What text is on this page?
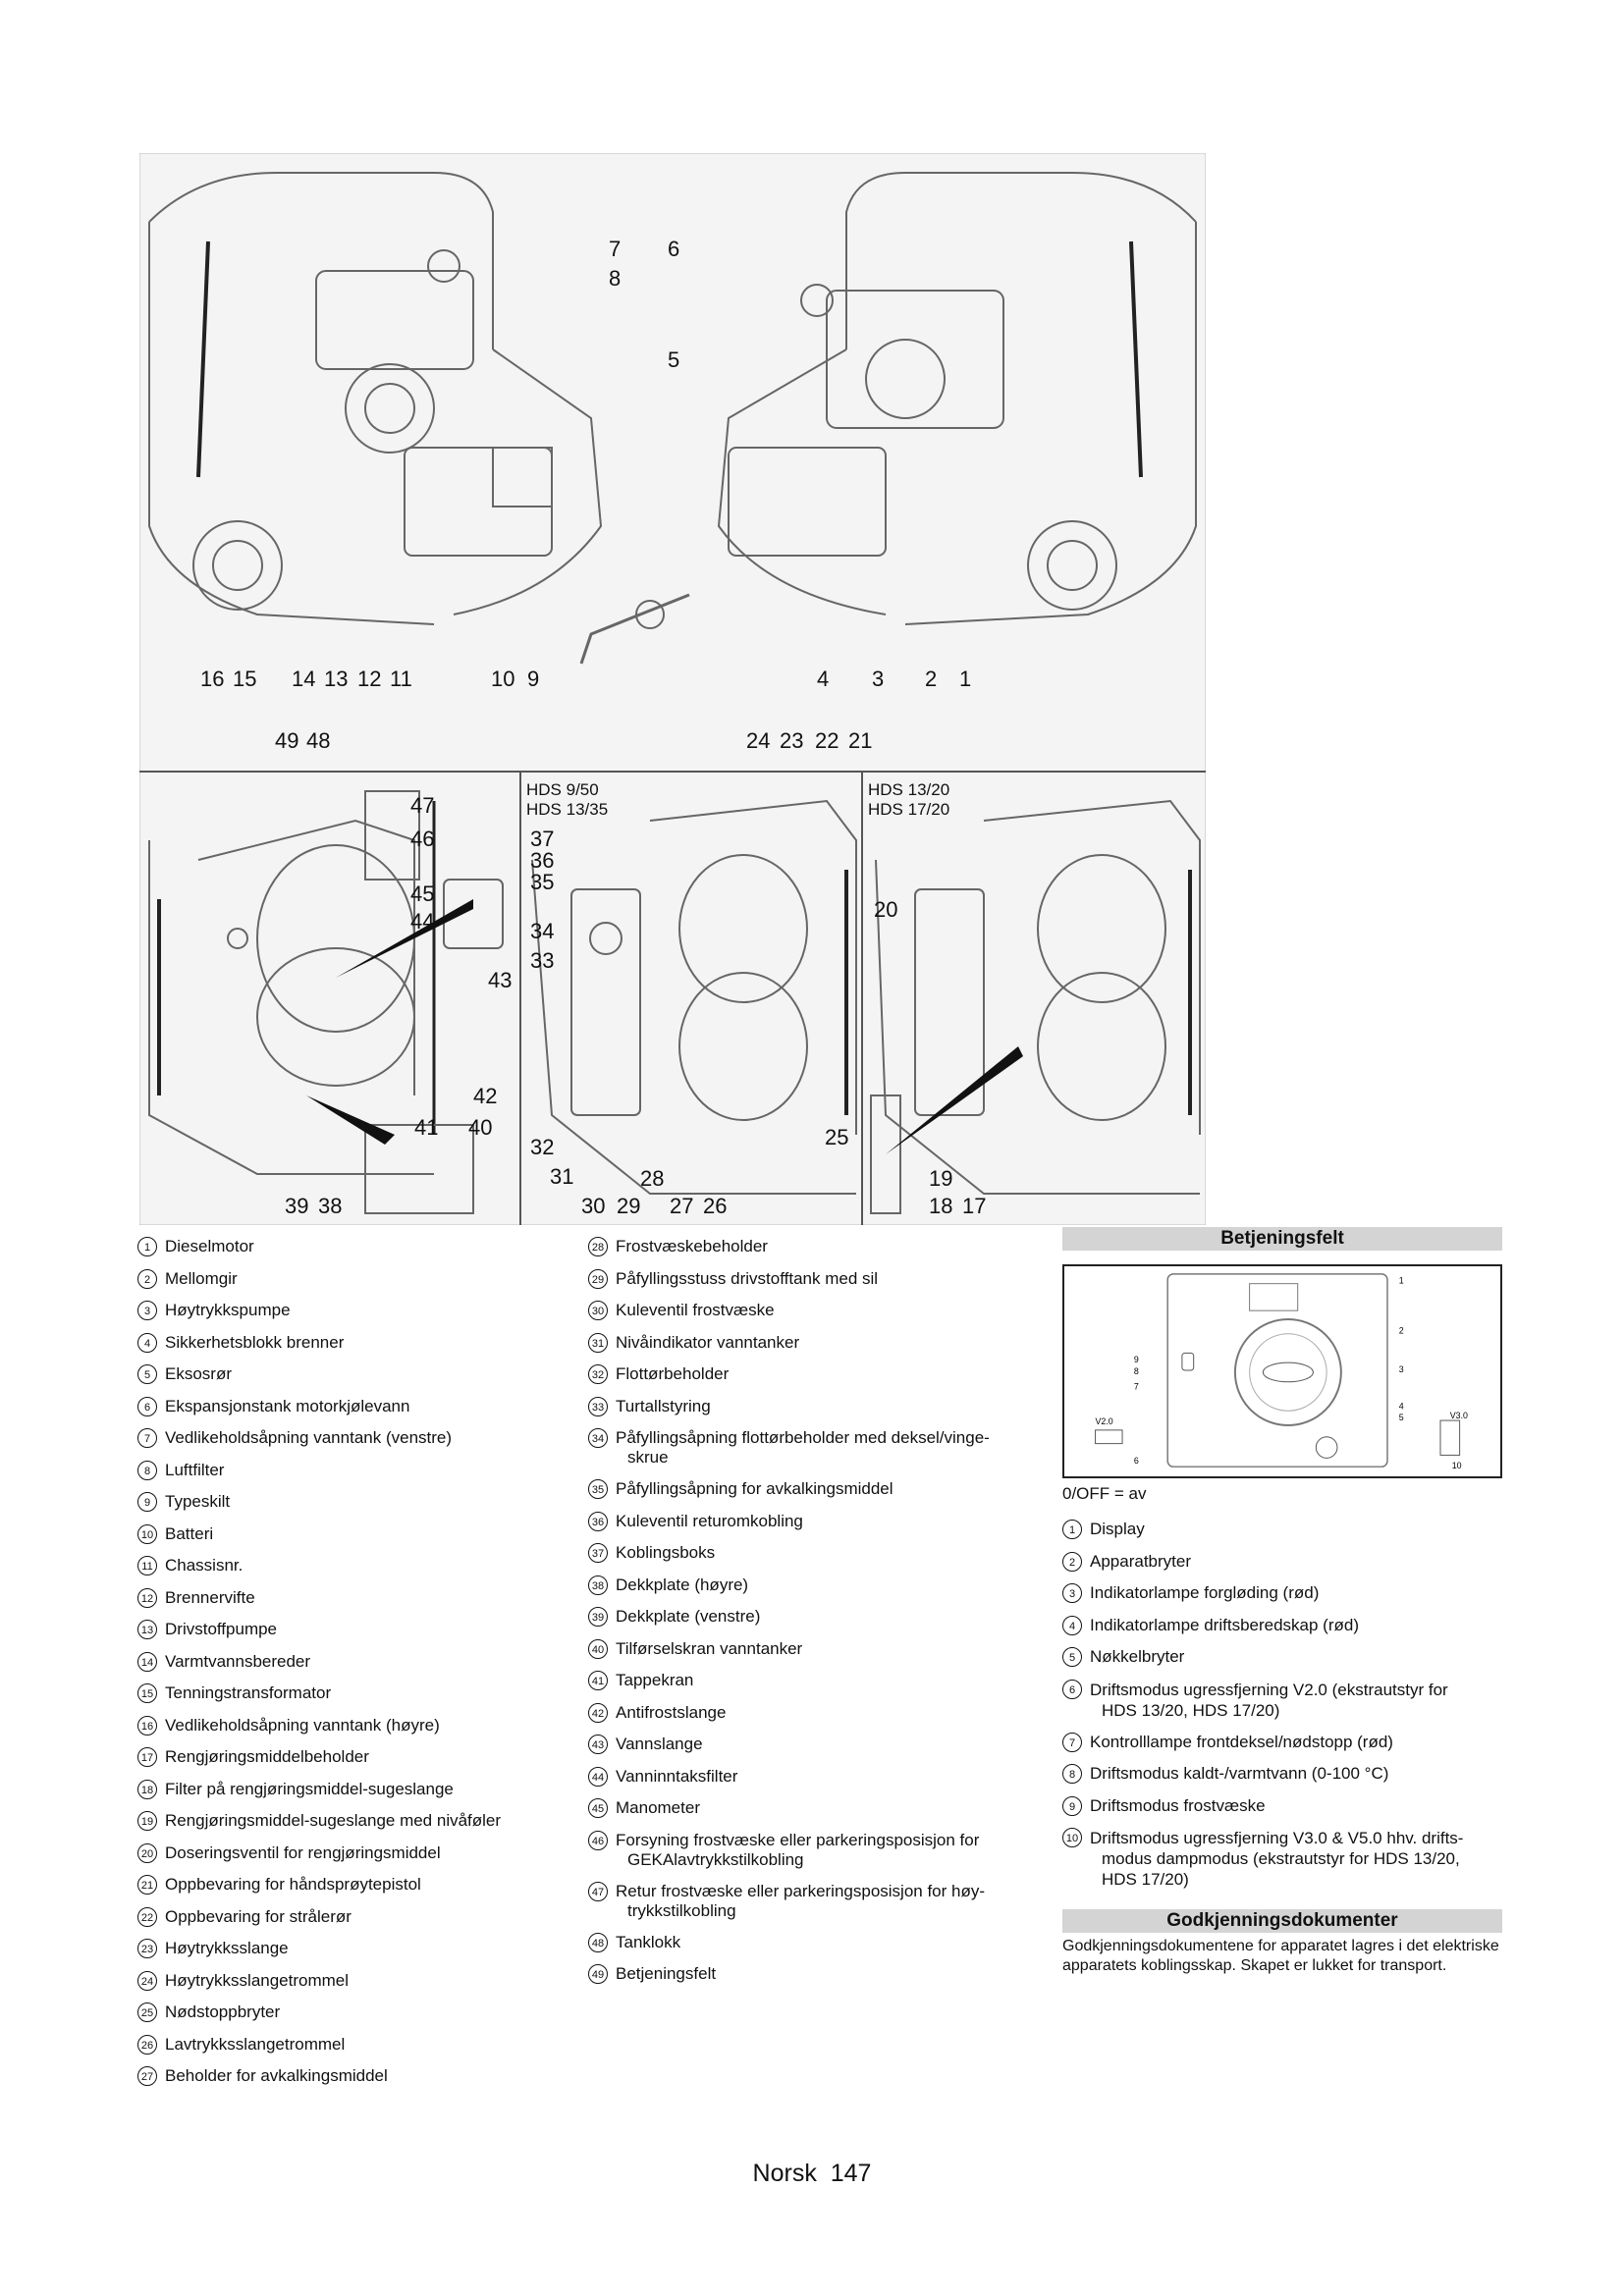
HDS 9/50
HDS 13/35
HDS 13/20
HDS 17/20
7
8
16 15 14 13 12 11	10 9
6
5
4 3 2 1
49 48
47
46
45
44
43
42
41 40
39 38
24 23 22 21
37
36
35
34
33
32
31
30 29
28
27 26
25
20
19
18 17
1 Dieselmotor
2 Mellomgir
3 Høytrykkspumpe
4 Sikkerhetsblokk brenner
5 Eksosrør
6 Ekspansjonstank motorkjølevann
7 Vedlikeholdsåpning vanntank (venstre)
8 Luftfilter
9 Typeskilt
10 Batteri
11 Chassisnr.
12 Brennervifte
13 Drivstoffpumpe
14 Varmtvannsbereder
15 Tenningstransformator
16 Vedlikeholdsåpning vanntank (høyre)
17 Rengjøringsmiddelbeholder
18 Filter på rengjøringsmiddel-sugeslange
19 Rengjøringsmiddel-sugeslange med nivåføler
20 Doseringsventil for rengjøringsmiddel
21 Oppbevaring for håndsprøytepistol
22 Oppbevaring for strålerør
23 Høytrykksslange
24 Høytrykksslangetrommel
25 Nødstoppbryter
26 Lavtrykksslangetrommel
27 Beholder for avkalkingsmiddel
28 Frostvæskebeholder
29 Påfyllingsstuss drivstofftank med sil
30 Kuleventil frostvæske
31 Nivåindikator vanntanker
32 Flottørbeholder
33 Turtallstyring
34 Påfyllingsåpning flottørbeholder med deksel/vinge-
skrue
35 Påfyllingsåpning for avkalkingsmiddel
36 Kuleventil returomkobling
37 Koblingsboks
38 Dekkplate (høyre)
39 Dekkplate (venstre)
40 Tilførselskran vanntanker
41 Tappekran
42 Antifrostslange
43 Vannslange
44 Vanninntaksfilter
45 Manometer
46 Forsyning frostvæske eller parkeringsposisjon for
GEKAlavtrykkstilkobling
47 Retur frostvæske eller parkeringsposisjon for høy-
trykkstilkobling
48 Tanklokk
49 Betjeningsfelt
Betjeningsfelt
1
2
3
4
5
6
7
8
9
10
V2.0
V3.0
0/OFF = av
1 Display
2 Apparatbryter
3 Indikatorlampe forgløding (rød)
4 Indikatorlampe driftsberedskap (rød)
5 Nøkkelbryter
6 Driftsmodus ugressfjerning V2.0 (ekstrautstyr for
HDS 13/20, HDS 17/20)
7 Kontrolllampe frontdeksel/nødstopp (rød)
8 Driftsmodus kaldt-/varmtvann (0-100 °C)
9 Driftsmodus frostvæske
10 Driftsmodus ugressfjerning V3.0 & V5.0 hhv. drifts-
modus dampmodus (ekstrautstyr for HDS 13/20,
HDS 17/20)
Godkjenningsdokumenter
Godkjenningsdokumentene for apparatet lagres i det elektriske apparatets koblingsskap. Skapet er lukket for transport.
Norsk 147
